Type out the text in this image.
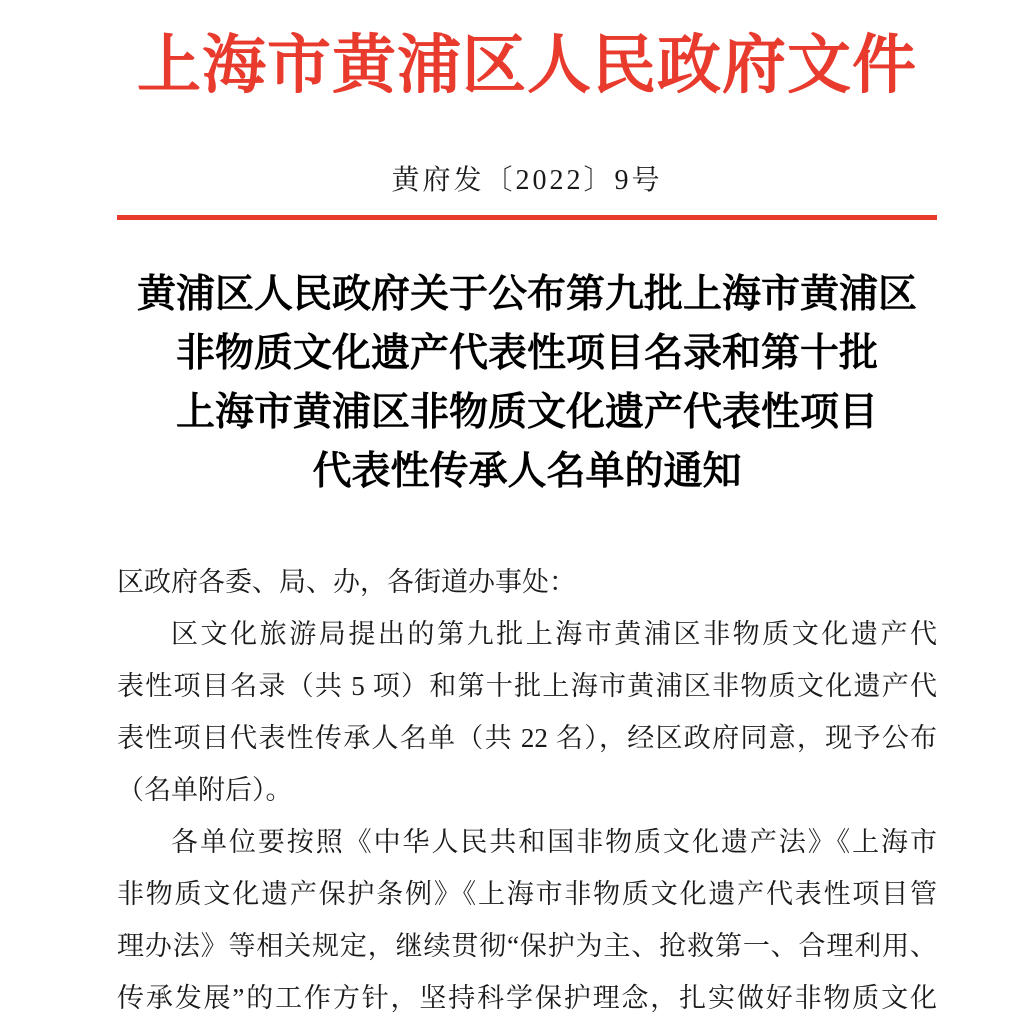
上海市黄浦区人民政府文件
黄府发〔2022〕9号
黄浦区人民政府关于公布第九批上海市黄浦区
非物质文化遗产代表性项目名录和第十批
上海市黄浦区非物质文化遗产代表性项目
代表性传承人名单的通知
区政府各委、局、办，各街道办事处：
区文化旅游局提出的第九批上海市黄浦区非物质文化遗产代
表性项目名录（共 5 项）和第十批上海市黄浦区非物质文化遗产代
表性项目代表性传承人名单（共 22 名），经区政府同意，现予公布
（名单附后）。
各单位要按照《中华人民共和国非物质文化遗产法》《上海市
非物质文化遗产保护条例》《上海市非物质文化遗产代表性项目管
理办法》等相关规定，继续贯彻“保护为主、抢救第一、合理利用、
传承发展”的工作方针，坚持科学保护理念，扎实做好非物质文化
